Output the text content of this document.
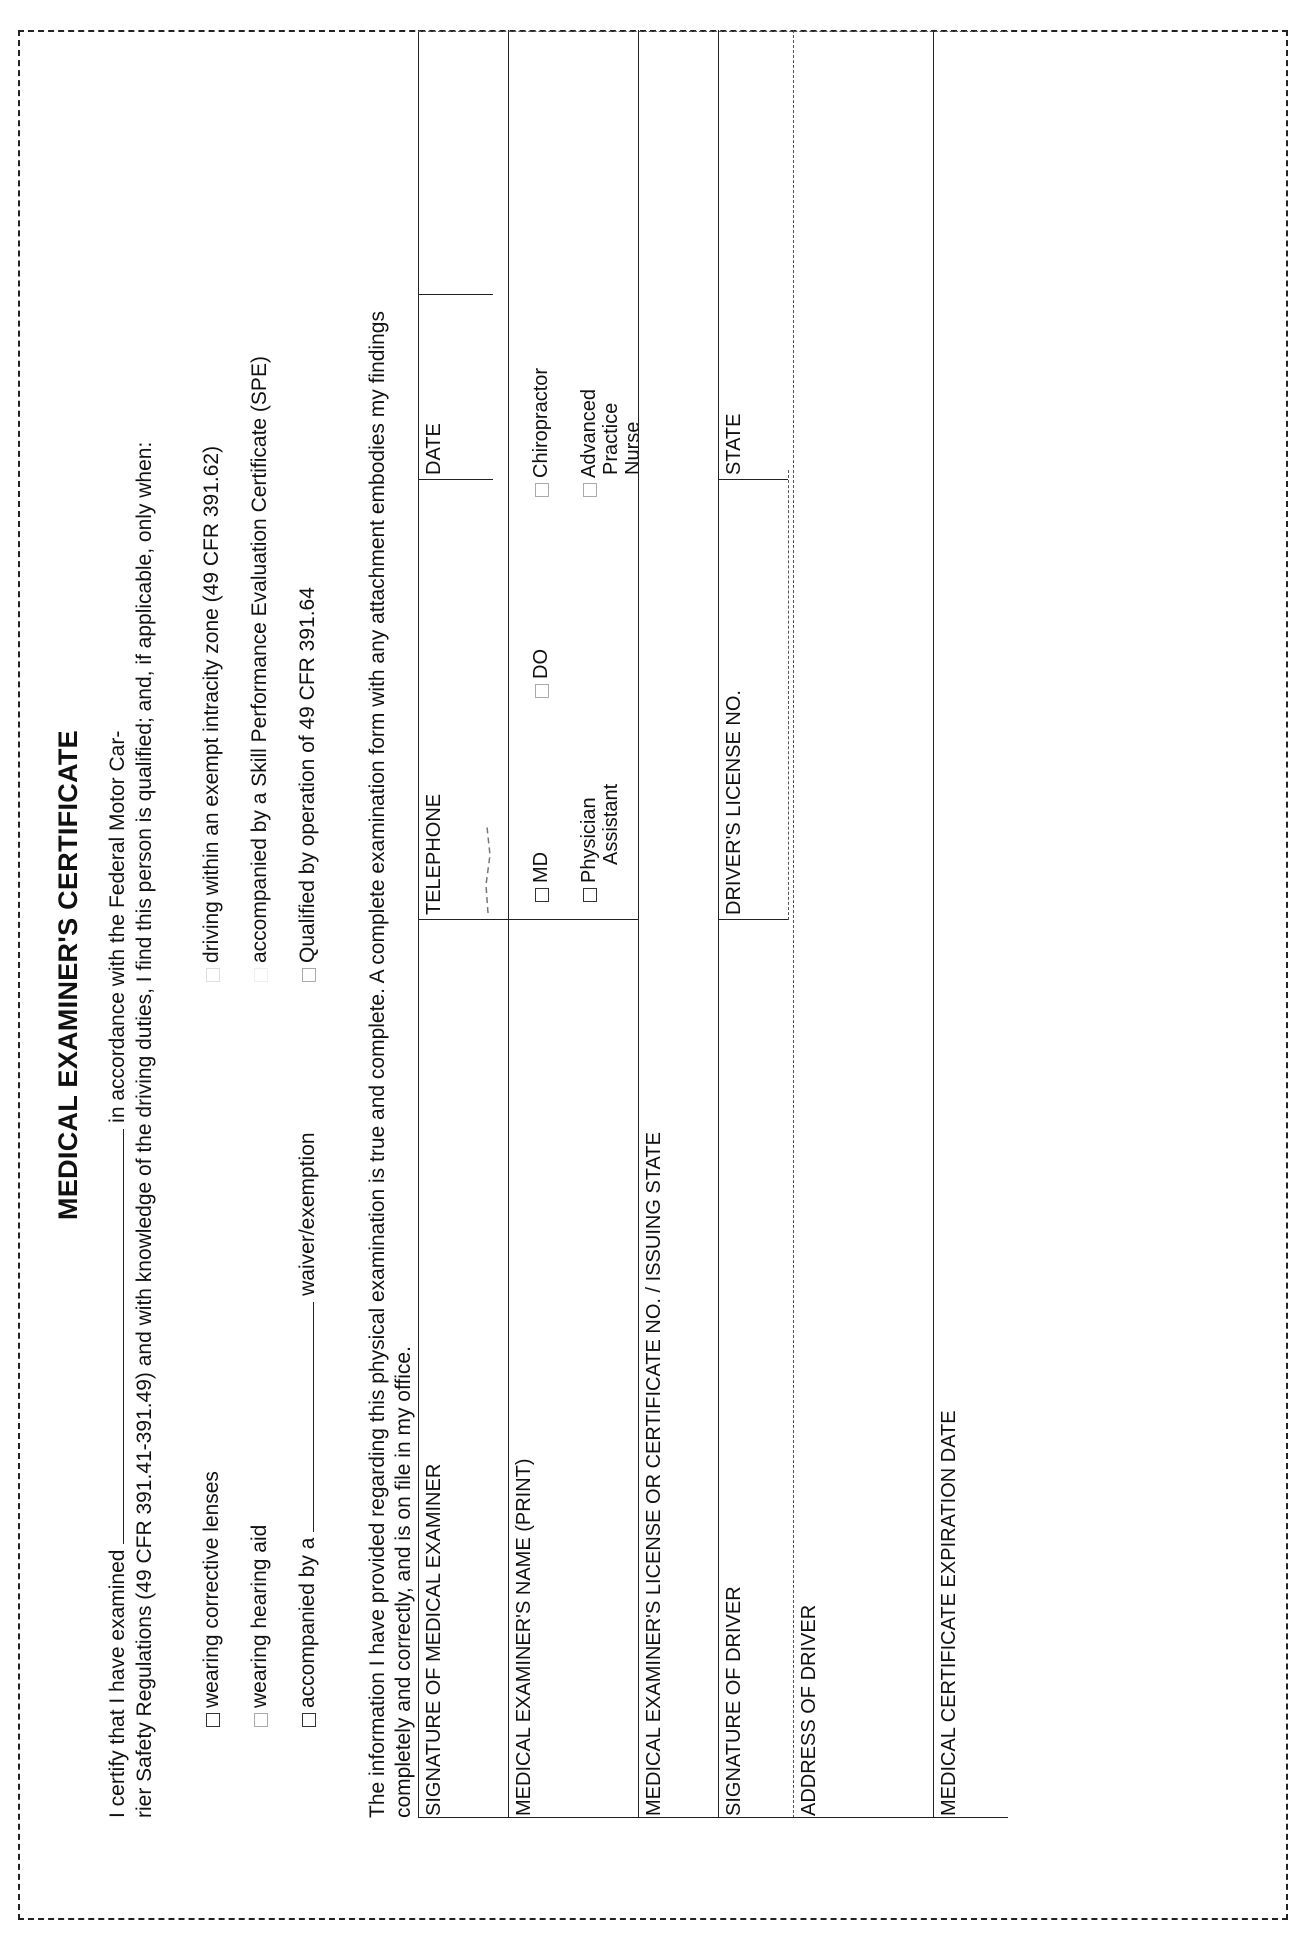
MEDICAL EXAMINER'S CERTIFICATE
I certify that I have examined  in accordance with the Federal Motor Car- rier Safety Regulations (49 CFR 391.41-391.49) and with knowledge of the driving duties, I find this person is qualified; and, if applicable, only when: wearing corrective lenses wearing hearing aid accompanied by a  waiver/exemption
driving within an exempt intracity zone (49 CFR 391.62) accompanied by a Skill Performance Evaluation Certificate (SPE) Qualified by operation of 49 CFR 391.64 The information I have provided regarding this physical examination is true and complete. A complete examination form with any attachment embodies my findings completely and correctly, and is on file in my office. SIGNATURE OF MEDICAL EXAMINER
TELEPHONE
DATE
MEDICAL EXAMINER'S NAME (PRINT)
MD
DO
Chiropractor
Physician Assistant
Advanced Practice Nurse
MEDICAL EXAMINER'S LICENSE OR CERTIFICATE NO. / ISSUING STATE	SIGNATURE OF DRIVER
DRIVER'S LICENSE NO.
STATE
ADDRESS OF DRIVER	MEDICAL CERTIFICATE EXPIRATION DATE
